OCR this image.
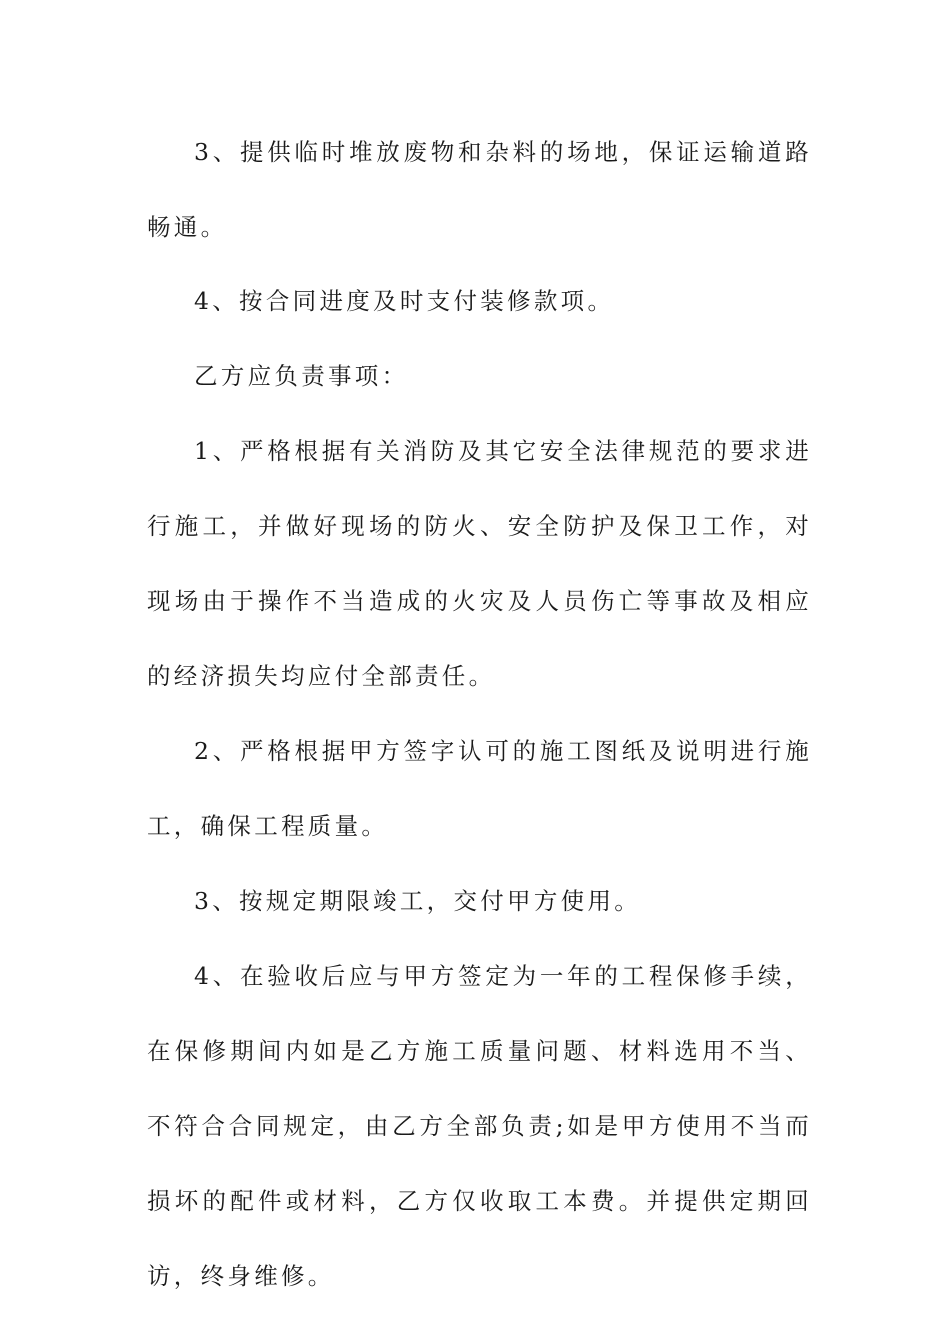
3、提供临时堆放废物和杂料的场地，保证运输道路畅通。

4、按合同进度及时支付装修款项。

乙方应负责事项：

1、严格根据有关消防及其它安全法律规范的要求进行施工，并做好现场的防火、安全防护及保卫工作，对现场由于操作不当造成的火灾及人员伤亡等事故及相应的经济损失均应付全部责任。

2、严格根据甲方签字认可的施工图纸及说明进行施工，确保工程质量。

3、按规定期限竣工，交付甲方使用。

4、在验收后应与甲方签定为一年的工程保修手续，在保修期间内如是乙方施工质量问题、材料选用不当、不符合合同规定，由乙方全部负责;如是甲方使用不当而损坏的配件或材料，乙方仅收取工本费。并提供定期回访，终身维修。
